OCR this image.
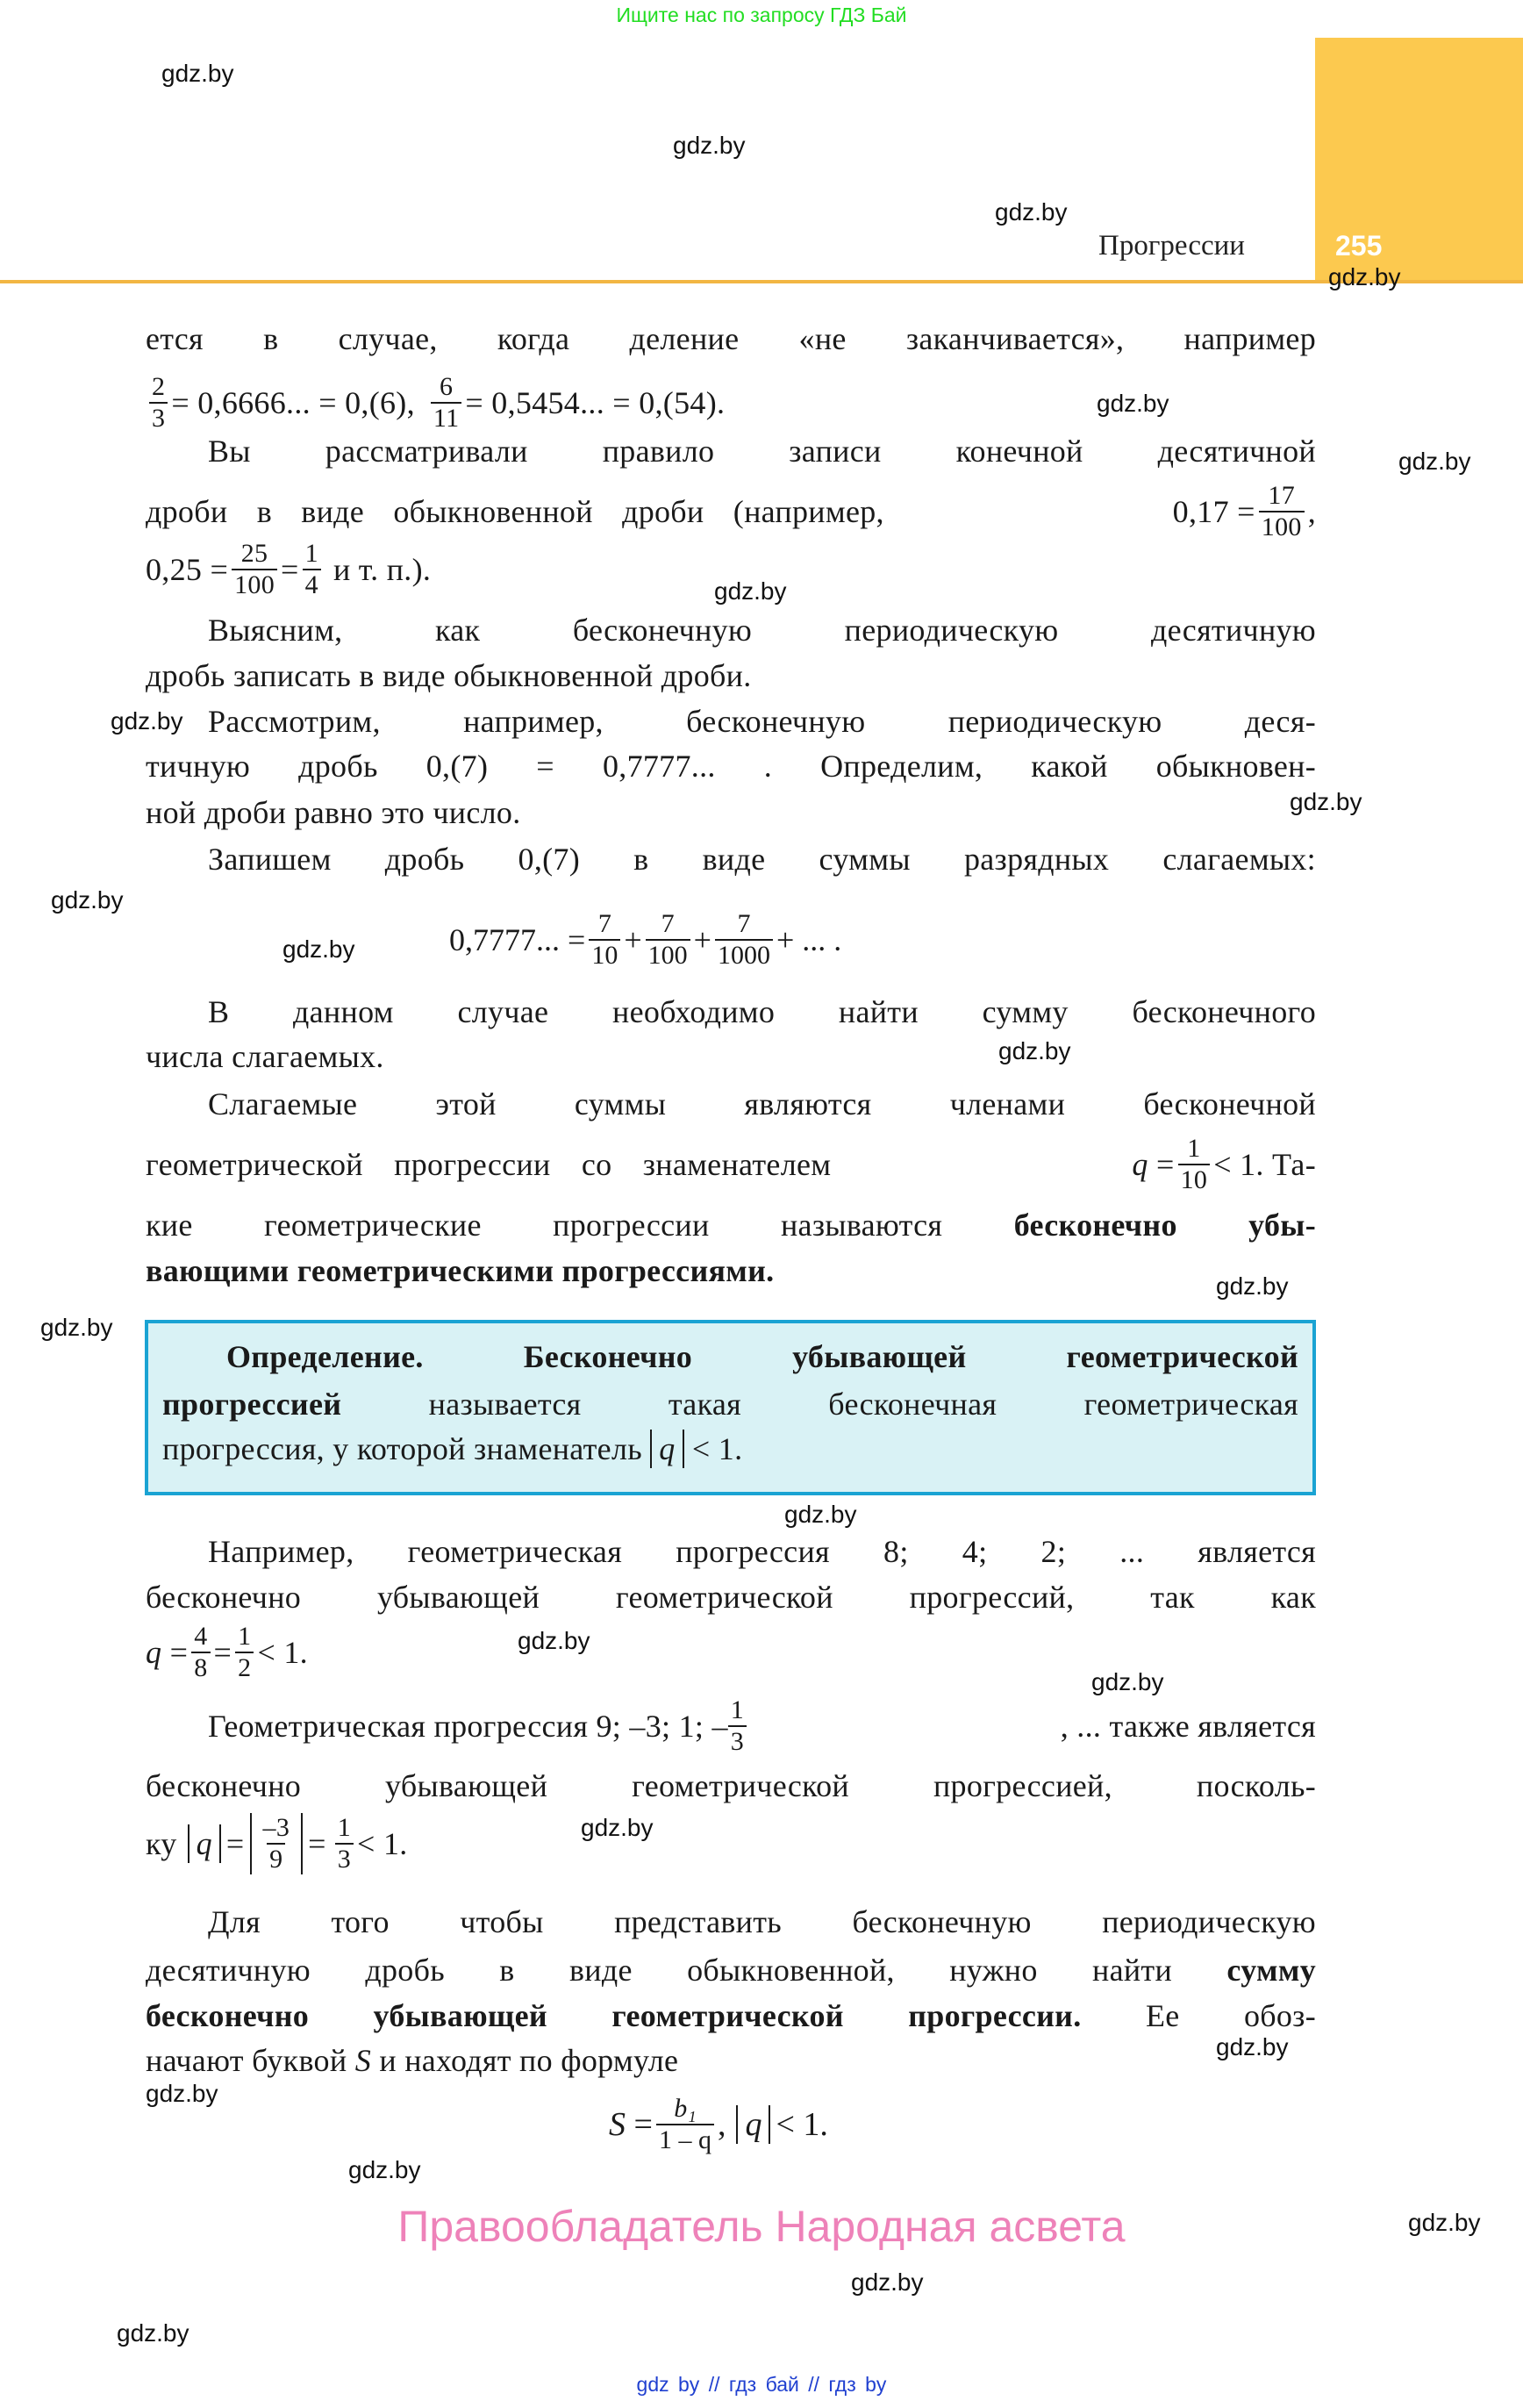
Ищите нас по запросу ГДЗ Бай
Прогрессии	255
ется в случае, когда деление «не заканчивается», например
$\frac{2}{3} = 0,6666$... = 0,(6), $\frac{6}{11} = 0,5454$... = 0,(54).
Вы рассматривали правило записи конечной десятичной
дроби в виде обыкновенной дроби (например,	$0,17 = \frac{17}{100}$ ,
$0,25 = \frac{25}{100} = \frac{1}{4}$ и т. п.).
Выясним, как бесконечную периодическую десятичную
дробь записать в виде обыкновенной дроби.
Рассмотрим, например, бесконечную периодическую деся-
тичную дробь 0,(7) = 0,7777... . Определим, какой обыкновен-
ной дроби равно это число.
Запишем дробь 0,(7) в виде суммы разрядных слагаемых:
0,7777... = $\frac{7}{10} + \frac{7}{100} + \frac{7}{1000}$ + ... .
В данном случае необходимо найти сумму бесконечного
числа слагаемых.
Слагаемые этой суммы являются членами бесконечной
геометрической прогрессии со знаменателем	q
= $\frac{1}{10} < 1$. Та-
кие геометрические прогрессии называются бесконечно убы-
вающими геометрическими прогрессиями.
Определение. Бесконечно убывающей геометрической
прогрессией	называется такая бесконечная геометрическая
прогрессия, у которой знаменатель q < 1.
Например, геометрическая прогрессия 8; 4; 2; ... является
бесконечно убывающей геометрической прогрессий, так как
q
= $\frac{4}{8} = \frac{1}{2} < 1$.
Геометрическая прогрессия 9; –3; 1; – $\frac{1}{3}$	, ... также является
бесконечно убывающей геометрической прогрессией, посколь-
ку $q = \frac{-3}{9} = \frac{1}{3} < 1$.
Для того чтобы представить бесконечную периодическую
десятичную дробь в виде обыкновенной, нужно найти сумму
бесконечно убывающей геометрической прогрессии. Ее обоз-
начают буквой S и находят по формуле
S
= $\frac{\text{b₁}}{1 - q}$ , q < 1.
Правообладатель Народная асвета
gdz by // гдз бай // гдз by
gdz.by
gdz.by
gdz.by
gdz.by
gdz.by
gdz.by
gdz.by
gdz.by
gdz.by
gdz.by
gdz.by
gdz.by
gdz.by
gdz.by
gdz.by
gdz.by
gdz.by
gdz.by
gdz.by
gdz.by
gdz.by
gdz.by
gdz.by
gdz.by
